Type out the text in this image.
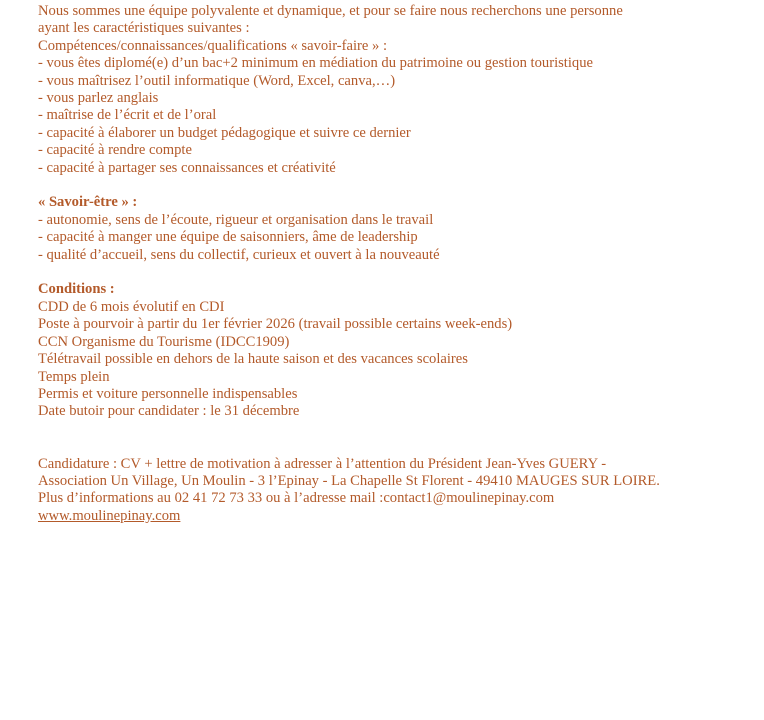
Nous sommes une équipe polyvalente et dynamique, et pour se faire nous recherchons une personne
ayant les caractéristiques suivantes :
Compétences/connaissances/qualifications « savoir-faire » :
- vous êtes diplomé(e) d’un bac+2 minimum en médiation du patrimoine ou gestion touristique
- vous maîtrisez l’outil informatique (Word, Excel, canva,…)
- vous parlez anglais
- maîtrise de l’écrit et de l’oral
- capacité à élaborer un budget pédagogique et suivre ce dernier
- capacité à rendre compte
- capacité à partager ses connaissances et créativité
« Savoir-être » :
- autonomie, sens de l’écoute, rigueur et organisation dans le travail
- capacité à manger une équipe de saisonniers, âme de leadership
- qualité d’accueil, sens du collectif, curieux et ouvert à la nouveauté
Conditions :
CDD de 6 mois évolutif en CDI
Poste à pourvoir à partir du 1er février 2026 (travail possible certains week-ends)
CCN Organisme du Tourisme (IDCC1909)
Télétravail possible en dehors de la haute saison et des vacances scolaires
Temps plein
Permis et voiture personnelle indispensables
Date butoir pour candidater : le 31 décembre
Candidature : CV + lettre de motivation à adresser à l’attention du Président Jean-Yves GUERY -
Association Un Village, Un Moulin - 3 l’Epinay - La Chapelle St Florent - 49410 MAUGES SUR LOIRE.
Plus d’informations au 02 41 72 73 33 ou à l’adresse mail :contact1@moulinepinay.com
www.moulinepinay.com
